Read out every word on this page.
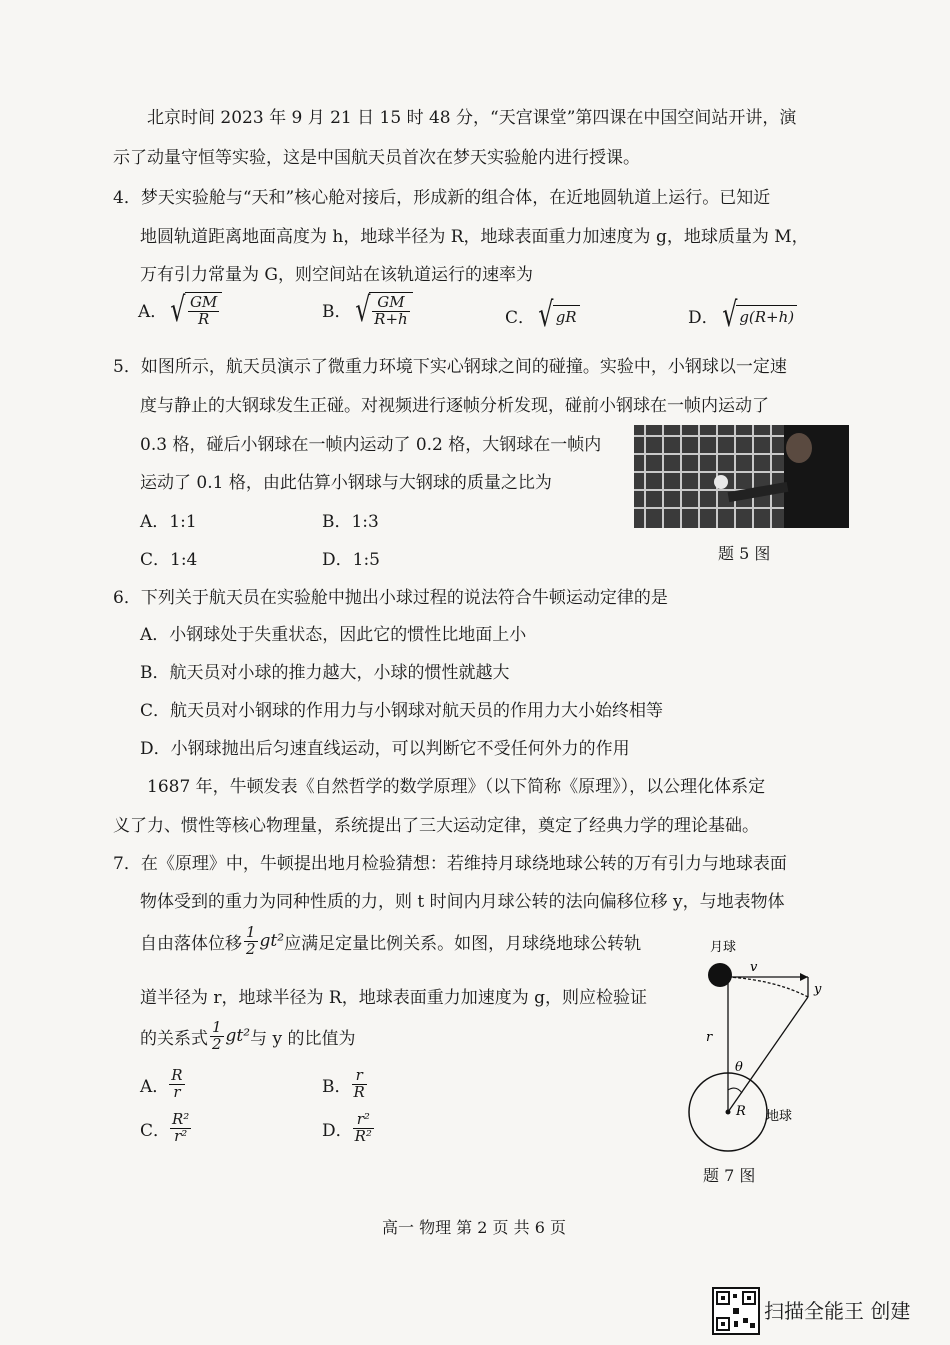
北京时间 2023 年 9 月 21 日 15 时 48 分，“天宫课堂”第四课在中国空间站开讲，演
示了动量守恒等实验，这是中国航天员首次在梦天实验舱内进行授课。
4．梦天实验舱与“天和”核心舱对接后，形成新的组合体，在近地圆轨道上运行。已知近
地圆轨道距离地面高度为 h，地球半径为 R，地球表面重力加速度为 g，地球质量为 M，
万有引力常量为 G，则空间站在该轨道运行的速率为
A． √ $\frac{GM}{R}$	B． √ $\frac{GM}{R+h}$	C． √ gR	D． √ g(R+h)
5．如图所示，航天员演示了微重力环境下实心钢球之间的碰撞。实验中，小钢球以一定速
度与静止的大钢球发生正碰。对视频进行逐帧分析发现，碰前小钢球在一帧内运动了
0.3 格，碰后小钢球在一帧内运动了 0.2 格，大钢球在一帧内
运动了 0.1 格，由此估算小钢球与大钢球的质量之比为
A．1:1	B．1:3
C．1:4	D．1:5	题 5 图
6．下列关于航天员在实验舱中抛出小球过程的说法符合牛顿运动定律的是
A．小钢球处于失重状态，因此它的惯性比地面上小
B．航天员对小球的推力越大，小球的惯性就越大
C．航天员对小钢球的作用力与小钢球对航天员的作用力大小始终相等
D．小钢球抛出后匀速直线运动，可以判断它不受任何外力的作用
1687 年，牛顿发表《自然哲学的数学原理》（以下简称《原理》），以公理化体系定
义了力、惯性等核心物理量，系统提出了三大运动定律，奠定了经典力学的理论基础。
7．在《原理》中，牛顿提出地月检验猜想：若维持月球绕地球公转的万有引力与地球表面
物体受到的重力为同种性质的力，则 t 时间内月球公转的法向偏移位移 y，与地表物体
自由落体位移 $\frac{1}{2} gt^2$ 应满足定量比例关系。如图，月球绕地球公转轨
道半径为 r，地球半径为 R，地球表面重力加速度为 g，则应检验证
的关系式 $\frac{1}{2} gt^2$ 与 y 的比值为
A． $\frac{R}{r}$	B． $\frac{r}{R}$
C． $\frac{\text{R²}}{\text{r²}}$	D． $\frac{\text{r²}}{\text{R²}}$
月球
v
y
r
θ
R 地球
题 7 图
高一 物理 第 2 页 共 6 页
扫描全能王 创建
